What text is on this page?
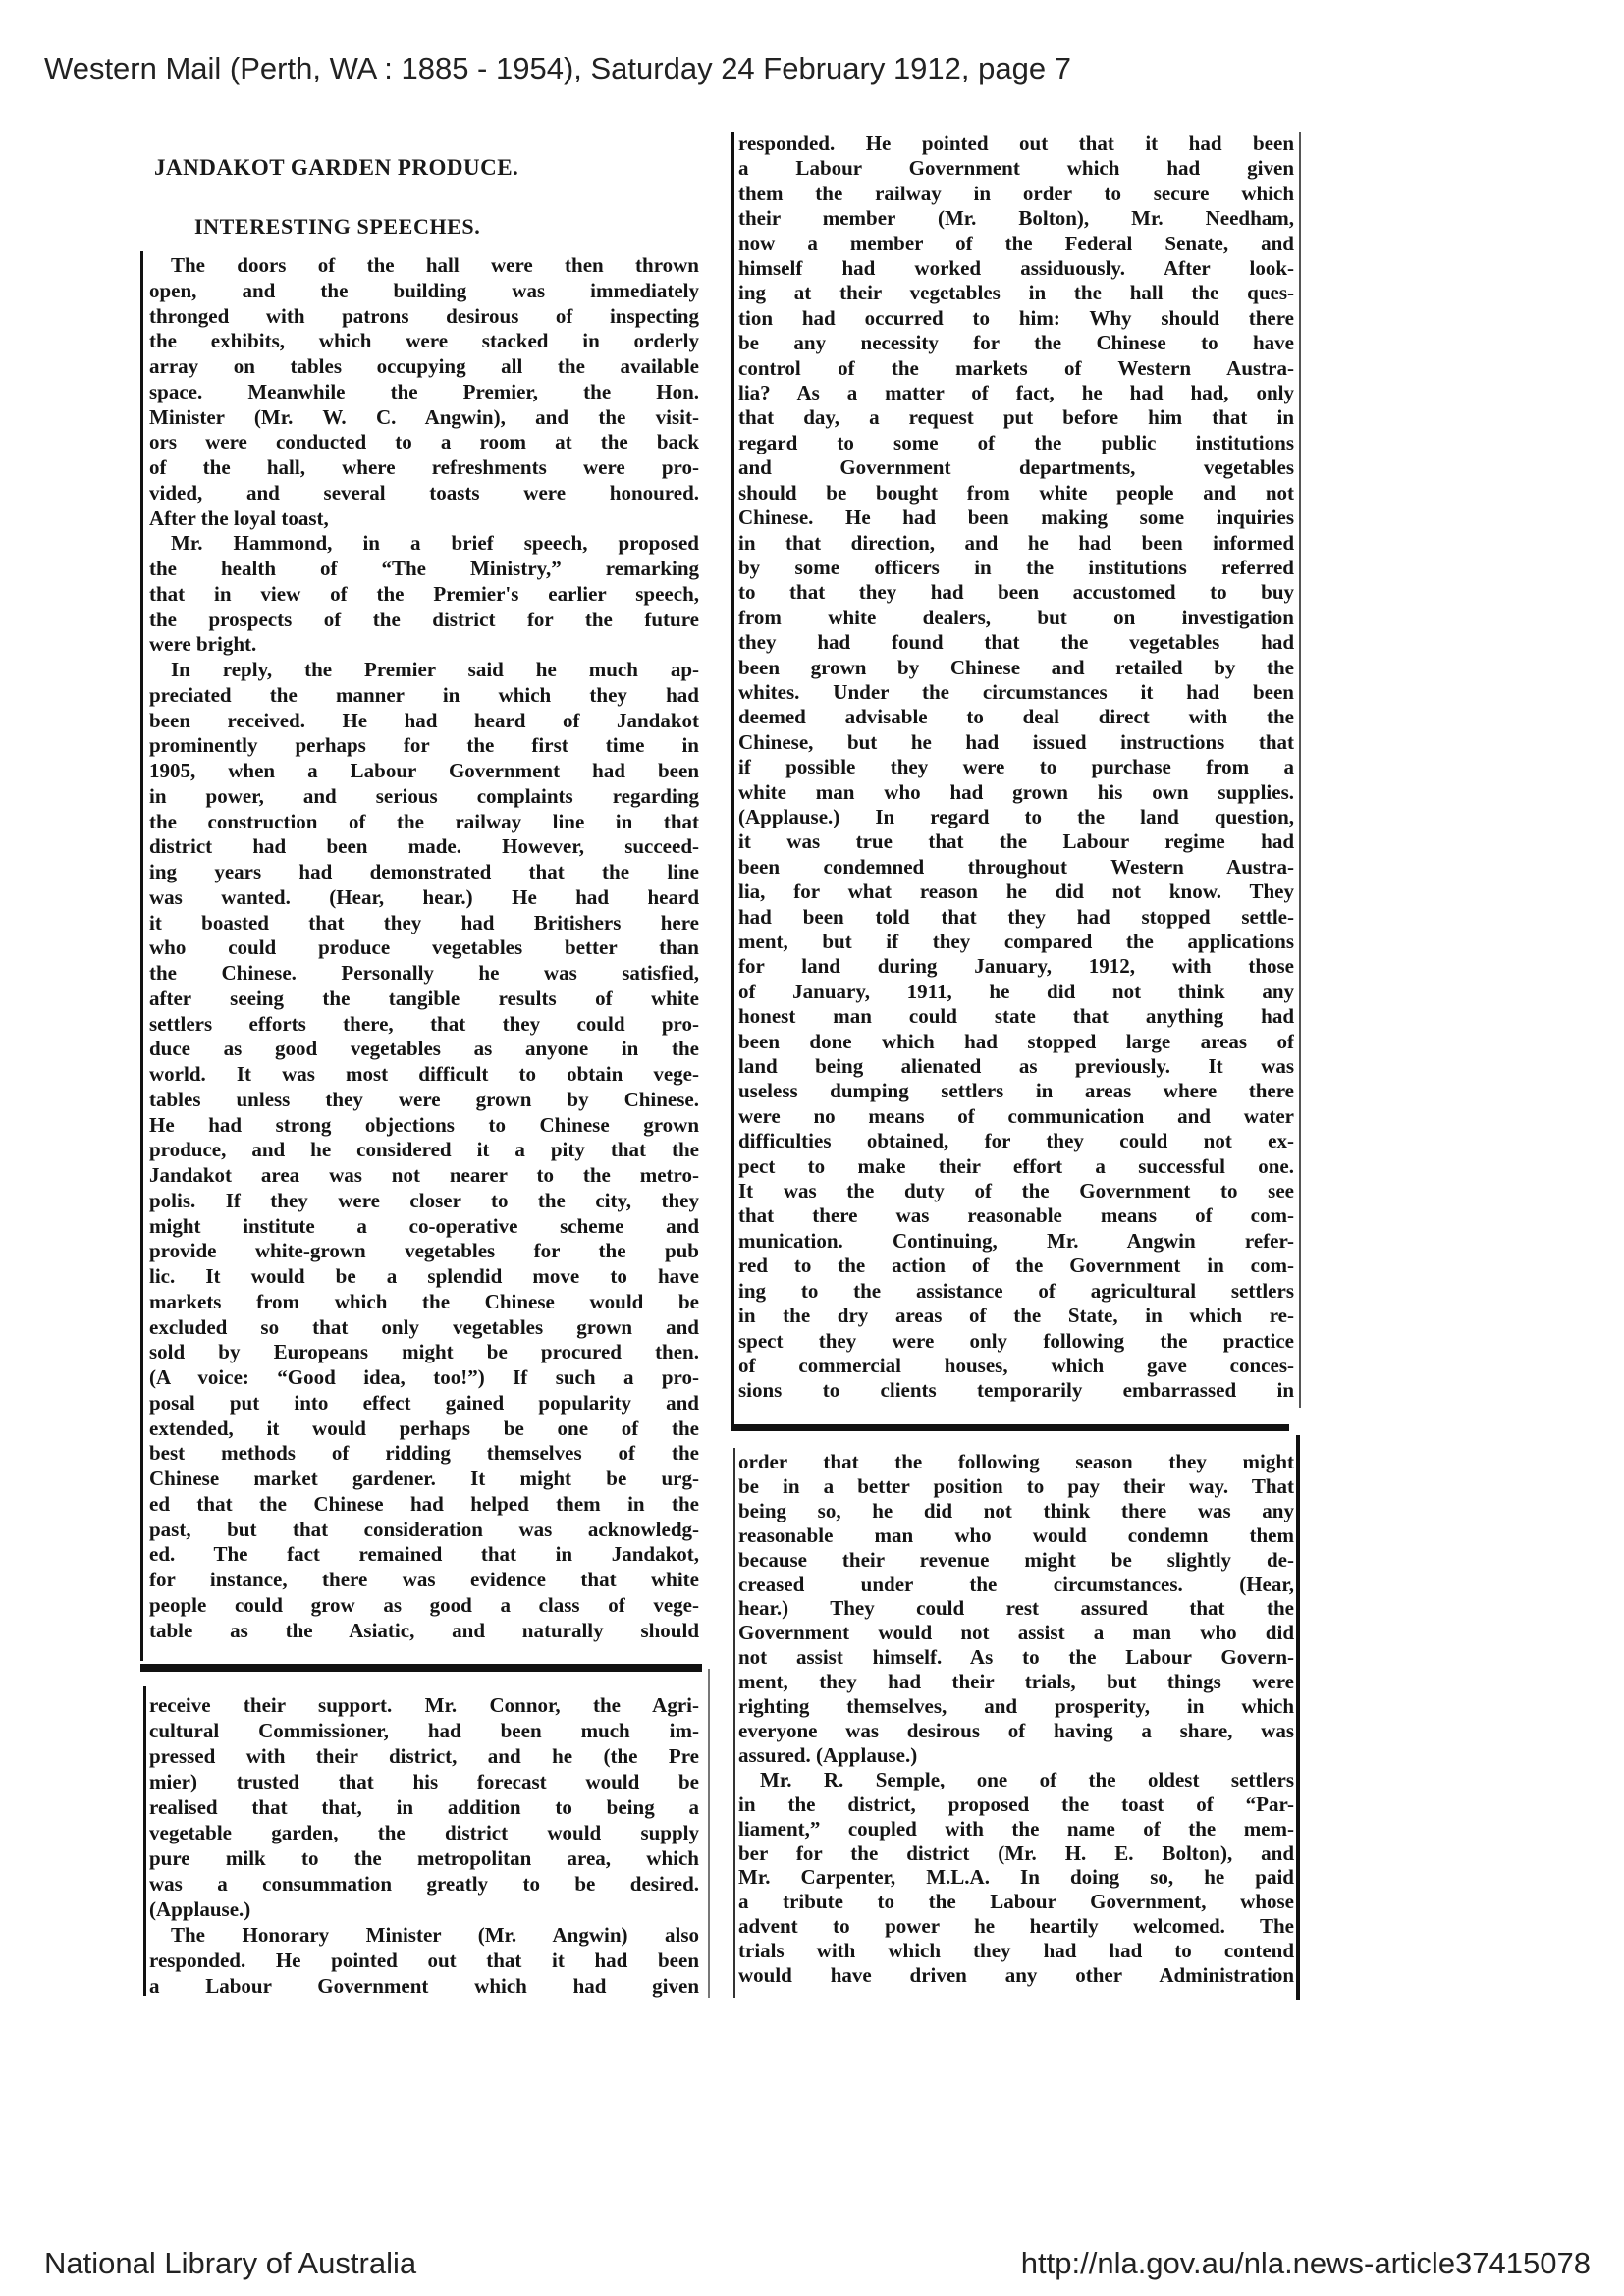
Western Mail (Perth, WA : 1885 - 1954), Saturday 24 February 1912, page 7
JANDAKOT GARDEN PRODUCE.
INTERESTING SPEECHES.
The doors of the hall were then thrown
open, and the building was immediately
thronged with patrons desirous of inspecting
the exhibits, which were stacked in orderly
array on tables occupying all the available
space. Meanwhile the Premier, the Hon.
Minister (Mr. W. C. Angwin), and the visit-
ors were conducted to a room at the back
of the hall, where refreshments were pro-
vided, and several toasts were honoured.
After the loyal toast,
Mr. Hammond, in a brief speech, proposed
the health of “The Ministry,” remarking
that in view of the Premier's earlier speech,
the prospects of the district for the future
were bright.
In reply, the Premier said he much ap-
preciated the manner in which they had
been received. He had heard of Jandakot
prominently perhaps for the first time in
1905, when a Labour Government had been
in power, and serious complaints regarding
the construction of the railway line in that
district had been made. However, succeed-
ing years had demonstrated that the line
was wanted. (Hear, hear.) He had heard
it boasted that they had Britishers here
who could produce vegetables better than
the Chinese. Personally he was satisfied,
after seeing the tangible results of white
settlers efforts there, that they could pro-
duce as good vegetables as anyone in the
world. It was most difficult to obtain vege-
tables unless they were grown by Chinese.
He had strong objections to Chinese grown
produce, and he considered it a pity that the
Jandakot area was not nearer to the metro-
polis. If they were closer to the city, they
might institute a co-operative scheme and
provide white-grown vegetables for the pub
lic. It would be a splendid move to have
markets from which the Chinese would be
excluded so that only vegetables grown and
sold by Europeans might be procured then.
(A voice: “Good idea, too!”) If such a pro-
posal put into effect gained popularity and
extended, it would perhaps be one of the
best methods of ridding themselves of the
Chinese market gardener. It might be urg-
ed that the Chinese had helped them in the
past, but that consideration was acknowledg-
ed. The fact remained that in Jandakot,
for instance, there was evidence that white
people could grow as good a class of vege-
table as the Asiatic, and naturally should
receive their support. Mr. Connor, the Agri-
cultural Commissioner, had been much im-
pressed with their district, and he (the Pre
mier) trusted that his forecast would be
realised that that, in addition to being a
vegetable garden, the district would supply
pure milk to the metropolitan area, which
was a consummation greatly to be desired.
(Applause.)
The Honorary Minister (Mr. Angwin) also
responded. He pointed out that it had been
a Labour Government which had given
responded. He pointed out that it had been
a Labour Government which had given
them the railway in order to secure which
their member (Mr. Bolton), Mr. Needham,
now a member of the Federal Senate, and
himself had worked assiduously. After look-
ing at their vegetables in the hall the ques-
tion had occurred to him: Why should there
be any necessity for the Chinese to have
control of the markets of Western Austra-
lia? As a matter of fact, he had had, only
that day, a request put before him that in
regard to some of the public institutions
and Government departments, vegetables
should be bought from white people and not
Chinese. He had been making some inquiries
in that direction, and he had been informed
by some officers in the institutions referred
to that they had been accustomed to buy
from white dealers, but on investigation
they had found that the vegetables had
been grown by Chinese and retailed by the
whites. Under the circumstances it had been
deemed advisable to deal direct with the
Chinese, but he had issued instructions that
if possible they were to purchase from a
white man who had grown his own supplies.
(Applause.) In regard to the land question,
it was true that the Labour regime had
been condemned throughout Western Austra-
lia, for what reason he did not know. They
had been told that they had stopped settle-
ment, but if they compared the applications
for land during January, 1912, with those
of January, 1911, he did not think any
honest man could state that anything had
been done which had stopped large areas of
land being alienated as previously. It was
useless dumping settlers in areas where there
were no means of communication and water
difficulties obtained, for they could not ex-
pect to make their effort a successful one.
It was the duty of the Government to see
that there was reasonable means of com-
munication. Continuing, Mr. Angwin refer-
red to the action of the Government in com-
ing to the assistance of agricultural settlers
in the dry areas of the State, in which re-
spect they were only following the practice
of commercial houses, which gave conces-
sions to clients temporarily embarrassed in
order that the following season they might
be in a better position to pay their way. That
being so, he did not think there was any
reasonable man who would condemn them
because their revenue might be slightly de-
creased under the circumstances. (Hear,
hear.) They could rest assured that the
Government would not assist a man who did
not assist himself. As to the Labour Govern-
ment, they had their trials, but things were
righting themselves, and prosperity, in which
everyone was desirous of having a share, was
assured. (Applause.)
Mr. R. Semple, one of the oldest settlers
in the district, proposed the toast of “Par-
liament,” coupled with the name of the mem-
ber for the district (Mr. H. E. Bolton), and
Mr. Carpenter, M.L.A. In doing so, he paid
a tribute to the Labour Government, whose
advent to power he heartily welcomed. The
trials with which they had had to contend
would have driven any other Administration
National Library of Australia	http://nla.gov.au/nla.news-article37415078
